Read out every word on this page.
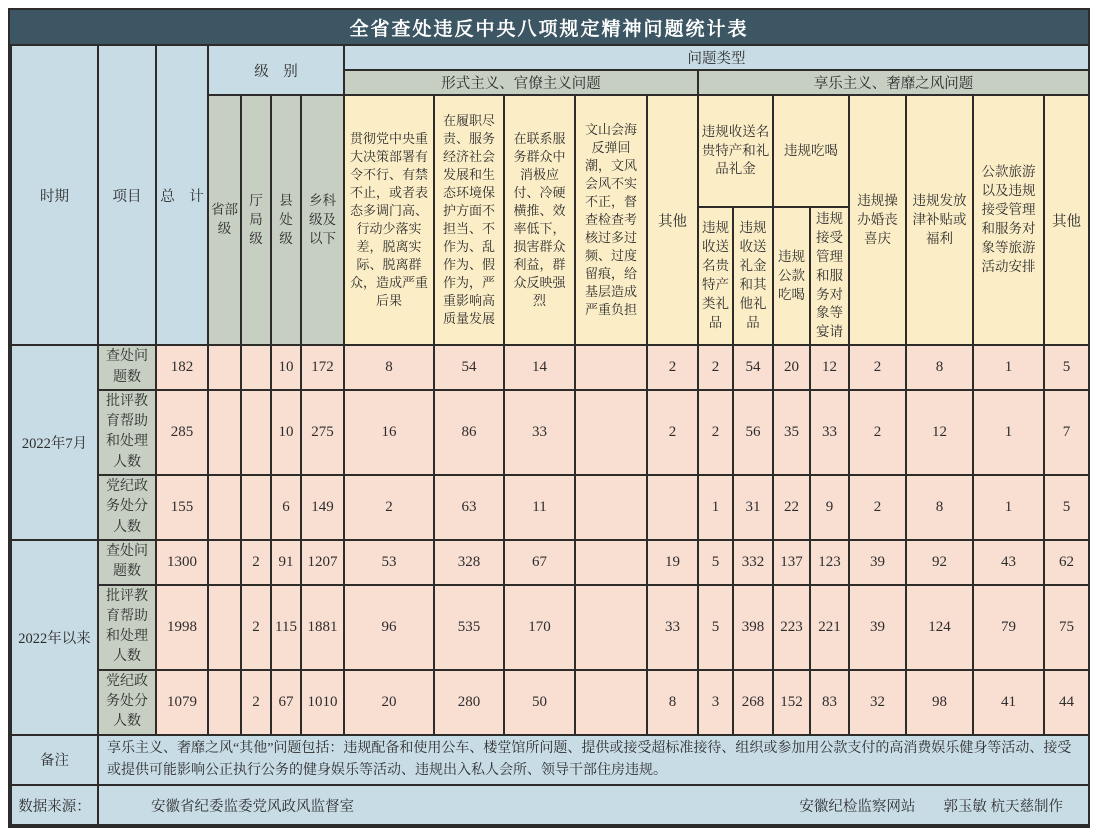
全省查处违反中央八项规定精神问题统计表
时期	项目	总　计	级　别				问题类型												
							形式主义、官僚主义问题					享乐主义、奢靡之风问题							
			省部级	厅局级	县处级	乡科级及以下	贯彻党中央重大决策部署有令不行、有禁不止，或者表态多调门高、行动少落实差，脱离实际、脱离群众，造成严重后果	在履职尽责、服务经济社会发展和生态环境保护方面不担当、不作为、乱作为、假作为，严重影响高质量发展	在联系服务群众中消极应付、冷硬横推、效率低下，损害群众利益，群众反映强烈	文山会海反弹回潮，文风会风不实不正，督查检查考核过多过频、过度留痕，给基层造成严重负担	其他	违规收送名贵特产和礼品礼金		违规吃喝		违规操办婚丧喜庆	违规发放津补贴或福利	公款旅游以及违规接受管理和服务对象等旅游活动安排	其他
												违规收送名贵特产类礼品	违规收送礼金和其他礼品	违规公款吃喝	违规接受管理和服务对象等宴请				
2022年7月	查处问题数	182			10	172	8	54	14		2	2	54	20	12	2	8	1	5
	批评教育帮助和处理人数	285			10	275	16	86	33		2	2	56	35	33	2	12	1	7
	党纪政务处分人数	155			6	149	2	63	11			1	31	22	9	2	8	1	5
2022年以来	查处问题数	1300		2	91	1207	53	328	67		19	5	332	137	123	39	92	43	62
	批评教育帮助和处理人数	1998		2	115	1881	96	535	170		33	5	398	223	221	39	124	79	75
	党纪政务处分人数	1079		2	67	1010	20	280	50		8	3	268	152	83	32	98	41	44
备注	享乐主义、奢靡之风“其他”问题包括：违规配备和使用公车、楼堂馆所问题、提供或接受超标准接待、组织或参加用公款支付的高消费娱乐健身等活动、接受或提供可能影响公正执行公务的健身娱乐等活动、违规出入私人会所、领导干部住房违规。																		
数据来源：	安徽省纪委监委党风政风监督室 安徽纪检监察网站 郭玉敏 杭天慈制作																		
